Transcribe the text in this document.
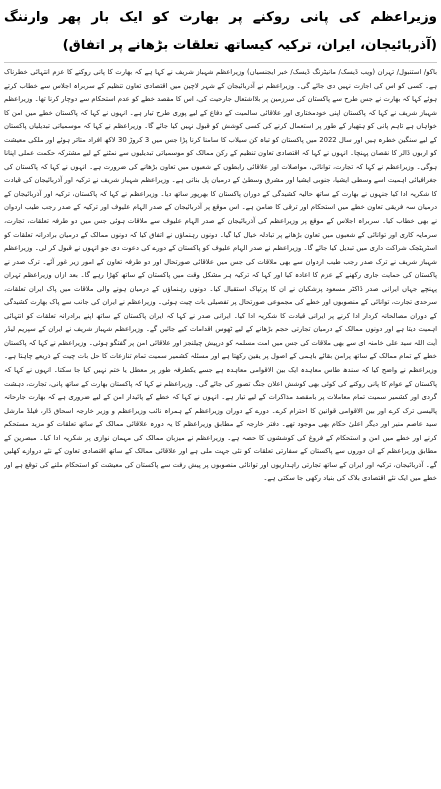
وزیراعظم کی پانی روکنے پر بھارت کو ایک بار پھر وارننگ (آذربائیجان، ایران، ترکیہ کیساتھ تعلقات بڑھانے پر اتفاق)

باکو/ استنبول/ تہران (ویب ڈیسک/ مانیٹرنگ ڈیسک/ خبر ایجنسیاں) وزیراعظم شہباز شریف نے کہا ہے کہ بھارت کا پانی روکنے کا عزم انتہائی خطرناک ہے۔ کسی کو اس کی اجازت نہیں دی جائے گی۔ وزیراعظم نے آذربائیجان کے شہر لاچین میں اقتصادی تعاون تنظیم کے سربراہ اجلاس سے خطاب کرتے ہوئے کہا کہ بھارت نے جس طرح سے پاکستان کی سرزمین پر بلااشتعال جارحیت کی، اس کا مقصد خطے کو عدم استحکام سے دوچار کرنا تھا۔ وزیراعظم شہباز شریف نے کہا کہ پاکستان اپنی خودمختاری اور علاقائی سالمیت کے دفاع کے لیے پوری طرح تیار ہے۔ انہوں نے کہا کہ پاکستان خطے میں امن کا خواہاں ہے تاہم پانی کو ہتھیار کے طور پر استعمال کرنے کی کسی کوشش کو قبول نہیں کیا جائے گا۔ وزیراعظم نے کہا کہ موسمیاتی تبدیلیاں پاکستان کے لیے سنگین خطرہ ہیں اور سال 2022 میں پاکستان کو تباہ کن سیلاب کا سامنا کرنا پڑا جس میں 3 کروڑ 30 لاکھ افراد متاثر ہوئے اور ملکی معیشت کو اربوں ڈالر کا نقصان پہنچا۔ انہوں نے کہا کہ اقتصادی تعاون تنظیم کے رکن ممالک کو موسمیاتی تبدیلیوں سے نمٹنے کے لیے مشترکہ حکمت عملی اپنانا ہوگی۔ وزیراعظم نے کہا کہ تجارت، توانائی، مواصلات اور علاقائی رابطوں کے شعبوں میں تعاون بڑھانے کی ضرورت ہے۔ انہوں نے کہا کہ پاکستان کی جغرافیائی اہمیت اسے وسطی ایشیا، جنوبی ایشیا اور مشرق وسطیٰ کے درمیان پل بناتی ہے۔ وزیراعظم شہباز شریف نے ترکیہ اور آذربائیجان کی قیادت کا شکریہ ادا کیا جنہوں نے بھارت کے ساتھ حالیہ کشیدگی کے دوران پاکستان کا بھرپور ساتھ دیا۔ وزیراعظم نے کہا کہ پاکستان، ترکیہ اور آذربائیجان کے درمیان سہ فریقی تعاون خطے میں استحکام اور ترقی کا ضامن ہے۔ اس موقع پر آذربائیجان کے صدر الہام علیوف اور ترکیہ کے صدر رجب طیب اردوان نے بھی خطاب کیا۔ سربراہ اجلاس کے موقع پر وزیراعظم کی آذربائیجان کے صدر الہام علیوف سے ملاقات ہوئی جس میں دو طرفہ تعلقات، تجارت، سرمایہ کاری اور توانائی کے شعبوں میں تعاون بڑھانے پر تبادلہ خیال کیا گیا۔ دونوں رہنماؤں نے اتفاق کیا کہ دونوں ممالک کے درمیان برادرانہ تعلقات کو اسٹریٹجک شراکت داری میں تبدیل کیا جائے گا۔ وزیراعظم نے صدر الہام علیوف کو پاکستان کے دورے کی دعوت دی جو انہوں نے قبول کر لی۔ وزیراعظم شہباز شریف نے ترک صدر رجب طیب اردوان سے بھی ملاقات کی جس میں علاقائی صورتحال اور دو طرفہ تعاون کے امور زیر غور آئے۔ ترک صدر نے پاکستان کی حمایت جاری رکھنے کے عزم کا اعادہ کیا اور کہا کہ ترکیہ ہر مشکل وقت میں پاکستان کے ساتھ کھڑا رہے گا۔ بعد ازاں وزیراعظم تہران پہنچے جہاں ایرانی صدر ڈاکٹر مسعود پزشکیان نے ان کا پرتپاک استقبال کیا۔ دونوں رہنماؤں کے درمیان ہونے والی ملاقات میں پاک ایران تعلقات، سرحدی تجارت، توانائی کے منصوبوں اور خطے کی مجموعی صورتحال پر تفصیلی بات چیت ہوئی۔ وزیراعظم نے ایران کی جانب سے پاک بھارت کشیدگی کے دوران مصالحانہ کردار ادا کرنے پر ایرانی قیادت کا شکریہ ادا کیا۔ ایرانی صدر نے کہا کہ ایران پاکستان کے ساتھ اپنے برادرانہ تعلقات کو انتہائی اہمیت دیتا ہے اور دونوں ممالک کے درمیان تجارتی حجم بڑھانے کے لیے ٹھوس اقدامات کیے جائیں گے۔ وزیراعظم شہباز شریف نے ایران کے سپریم لیڈر آیت اللہ سید علی خامنہ ای سے بھی ملاقات کی جس میں امت مسلمہ کو درپیش چیلنجز اور علاقائی امن پر گفتگو ہوئی۔ وزیراعظم نے کہا کہ پاکستان خطے کے تمام ممالک کے ساتھ پرامن بقائے باہمی کے اصول پر یقین رکھتا ہے اور مسئلہ کشمیر سمیت تمام تنازعات کا حل بات چیت کے ذریعے چاہتا ہے۔ وزیراعظم نے واضح کیا کہ سندھ طاس معاہدہ ایک بین الاقوامی معاہدہ ہے جسے یکطرفہ طور پر معطل یا ختم نہیں کیا جا سکتا۔ انہوں نے کہا کہ پاکستان کے عوام کا پانی روکنے کی کوئی بھی کوشش اعلان جنگ تصور کی جائے گی۔ وزیراعظم نے کہا کہ پاکستان بھارت کے ساتھ پانی، تجارت، دہشت گردی اور کشمیر سمیت تمام معاملات پر بامقصد مذاکرات کے لیے تیار ہے۔ انہوں نے کہا کہ خطے کے پائیدار امن کے لیے ضروری ہے کہ بھارت جارحانہ پالیسی ترک کرے اور بین الاقوامی قوانین کا احترام کرے۔ دورے کے دوران وزیراعظم کے ہمراہ نائب وزیراعظم و وزیر خارجہ اسحاق ڈار، فیلڈ مارشل سید عاصم منیر اور دیگر اعلیٰ حکام بھی موجود تھے۔ دفتر خارجہ کے مطابق وزیراعظم کا یہ دورہ علاقائی ممالک کے ساتھ تعلقات کو مزید مستحکم کرنے اور خطے میں امن و استحکام کے فروغ کی کوششوں کا حصہ ہے۔ وزیراعظم نے میزبان ممالک کی مہمان نوازی پر شکریہ ادا کیا۔ مبصرین کے مطابق وزیراعظم کے ان دوروں سے پاکستان کے سفارتی تعلقات کو نئی جہت ملی ہے اور علاقائی ممالک کے ساتھ اقتصادی تعاون کے نئے دروازے کھلیں گے۔ آذربائیجان، ترکیہ اور ایران کے ساتھ تجارتی راہداریوں اور توانائی منصوبوں پر پیش رفت سے پاکستان کی معیشت کو استحکام ملنے کی توقع ہے اور خطے میں ایک نئے اقتصادی بلاک کی بنیاد رکھی جا سکتی ہے۔
